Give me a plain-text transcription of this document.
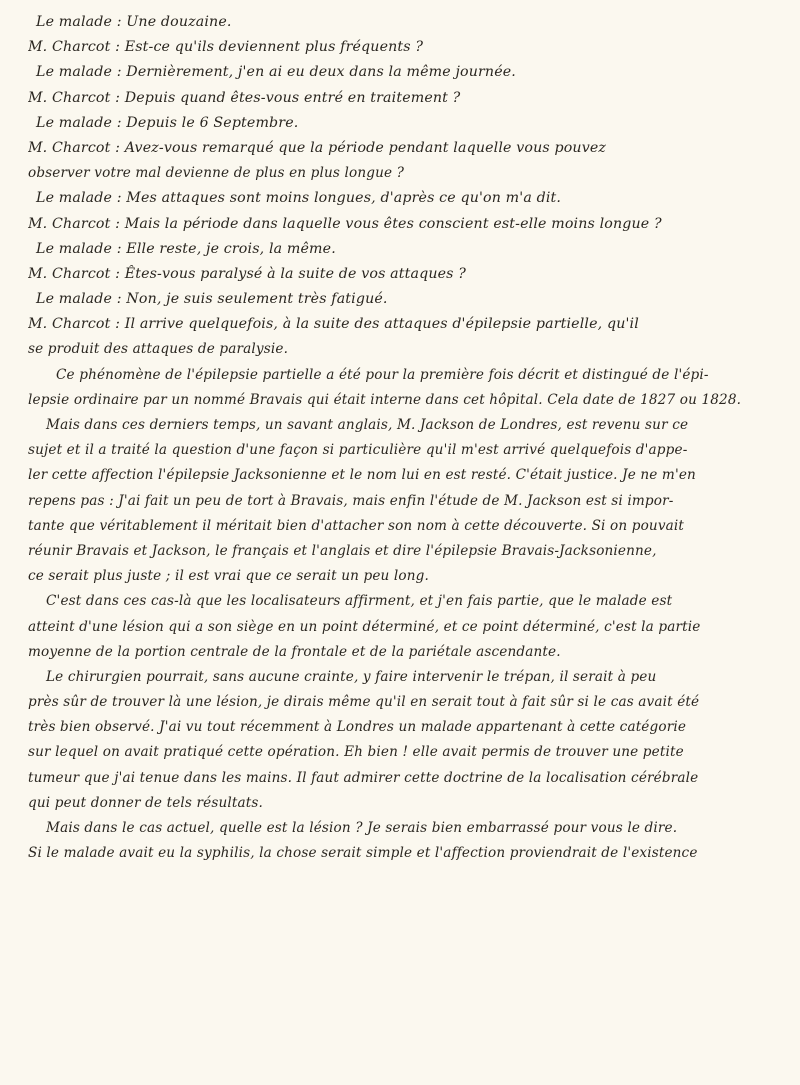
Le malade : Une douzaine.
M. Charcot : Est-ce qu'ils deviennent plus fréquents ?
Le malade : Dernièrement, j'en ai eu deux dans la même journée.
M. Charcot : Depuis quand êtes-vous entré en traitement ?
Le malade : Depuis le 6 Septembre.
M. Charcot : Avez-vous remarqué que la période pendant laquelle vous pouvez
observer votre mal devienne de plus en plus longue ?
Le malade : Mes attaques sont moins longues, d'après ce qu'on m'a dit.
M. Charcot : Mais la période dans laquelle vous êtes conscient est-elle moins longue ?
Le malade : Elle reste, je crois, la même.
M. Charcot : Êtes-vous paralysé à la suite de vos attaques ?
Le malade : Non, je suis seulement très fatigué.
M. Charcot : Il arrive quelquefois, à la suite des attaques d'épilepsie partielle, qu'il
se produit des attaques de paralysie.
Ce phénomène de l'épilepsie partielle a été pour la première fois décrit et distingué de l'épi-
lepsie ordinaire par un nommé Bravais qui était interne dans cet hôpital. Cela date de 1827 ou 1828.
Mais dans ces derniers temps, un savant anglais, M. Jackson de Londres, est revenu sur ce
sujet et il a traité la question d'une façon si particulière qu'il m'est arrivé quelquefois d'appe-
ler cette affection l'épilepsie Jacksonienne et le nom lui en est resté. C'était justice. Je ne m'en
repens pas : J'ai fait un peu de tort à Bravais, mais enfin l'étude de M. Jackson est si impor-
tante que véritablement il méritait bien d'attacher son nom à cette découverte. Si on pouvait
réunir Bravais et Jackson, le français et l'anglais et dire l'épilepsie Bravais-Jacksonienne,
ce serait plus juste ; il est vrai que ce serait un peu long.
C'est dans ces cas-là que les localisateurs affirment, et j'en fais partie, que le malade est
atteint d'une lésion qui a son siège en un point déterminé, et ce point déterminé, c'est la partie
moyenne de la portion centrale de la frontale et de la pariétale ascendante.
Le chirurgien pourrait, sans aucune crainte, y faire intervenir le trépan, il serait à peu
près sûr de trouver là une lésion, je dirais même qu'il en serait tout à fait sûr si le cas avait été
très bien observé. J'ai vu tout récemment à Londres un malade appartenant à cette catégorie
sur lequel on avait pratiqué cette opération. Eh bien ! elle avait permis de trouver une petite
tumeur que j'ai tenue dans les mains. Il faut admirer cette doctrine de la localisation cérébrale
qui peut donner de tels résultats.
Mais dans le cas actuel, quelle est la lésion ? Je serais bien embarrassé pour vous le dire.
Si le malade avait eu la syphilis, la chose serait simple et l'affection proviendrait de l'existence
